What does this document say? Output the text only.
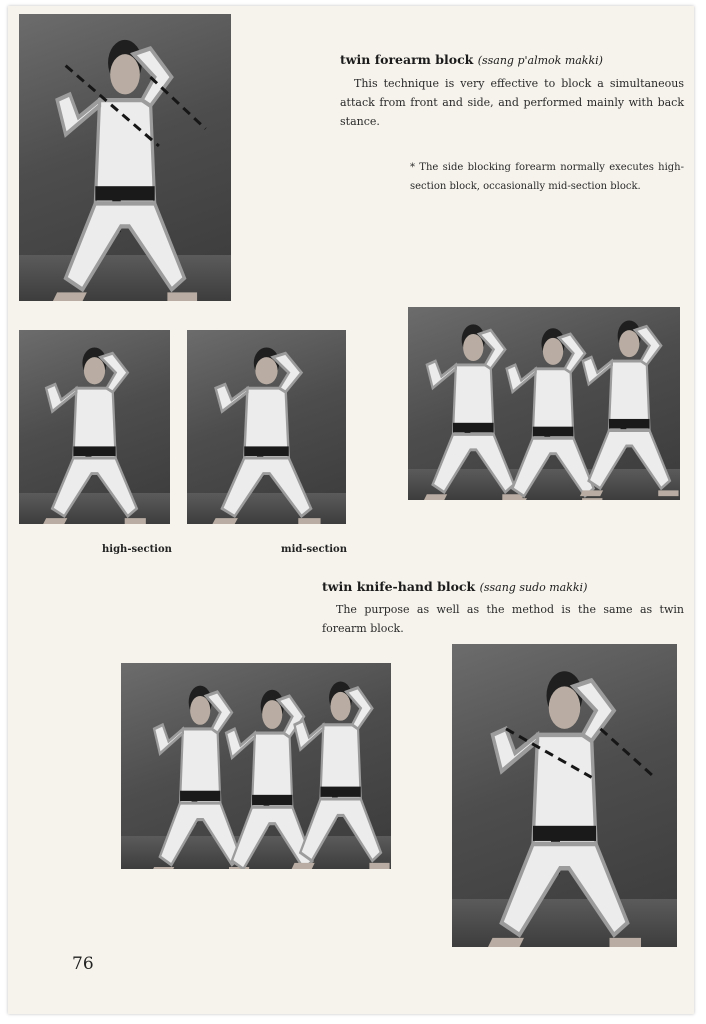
twin forearm block (ssang p'almok makki)

This technique is very effective to block a simultaneous attack from front and side, and performed mainly with back stance.

* The side blocking forearm normally executes high-section block, occasionally mid-section block.

high-section	mid-section
twin knife-hand block (ssang sudo makki)

The purpose as well as the method is the same as twin forearm block.

76
